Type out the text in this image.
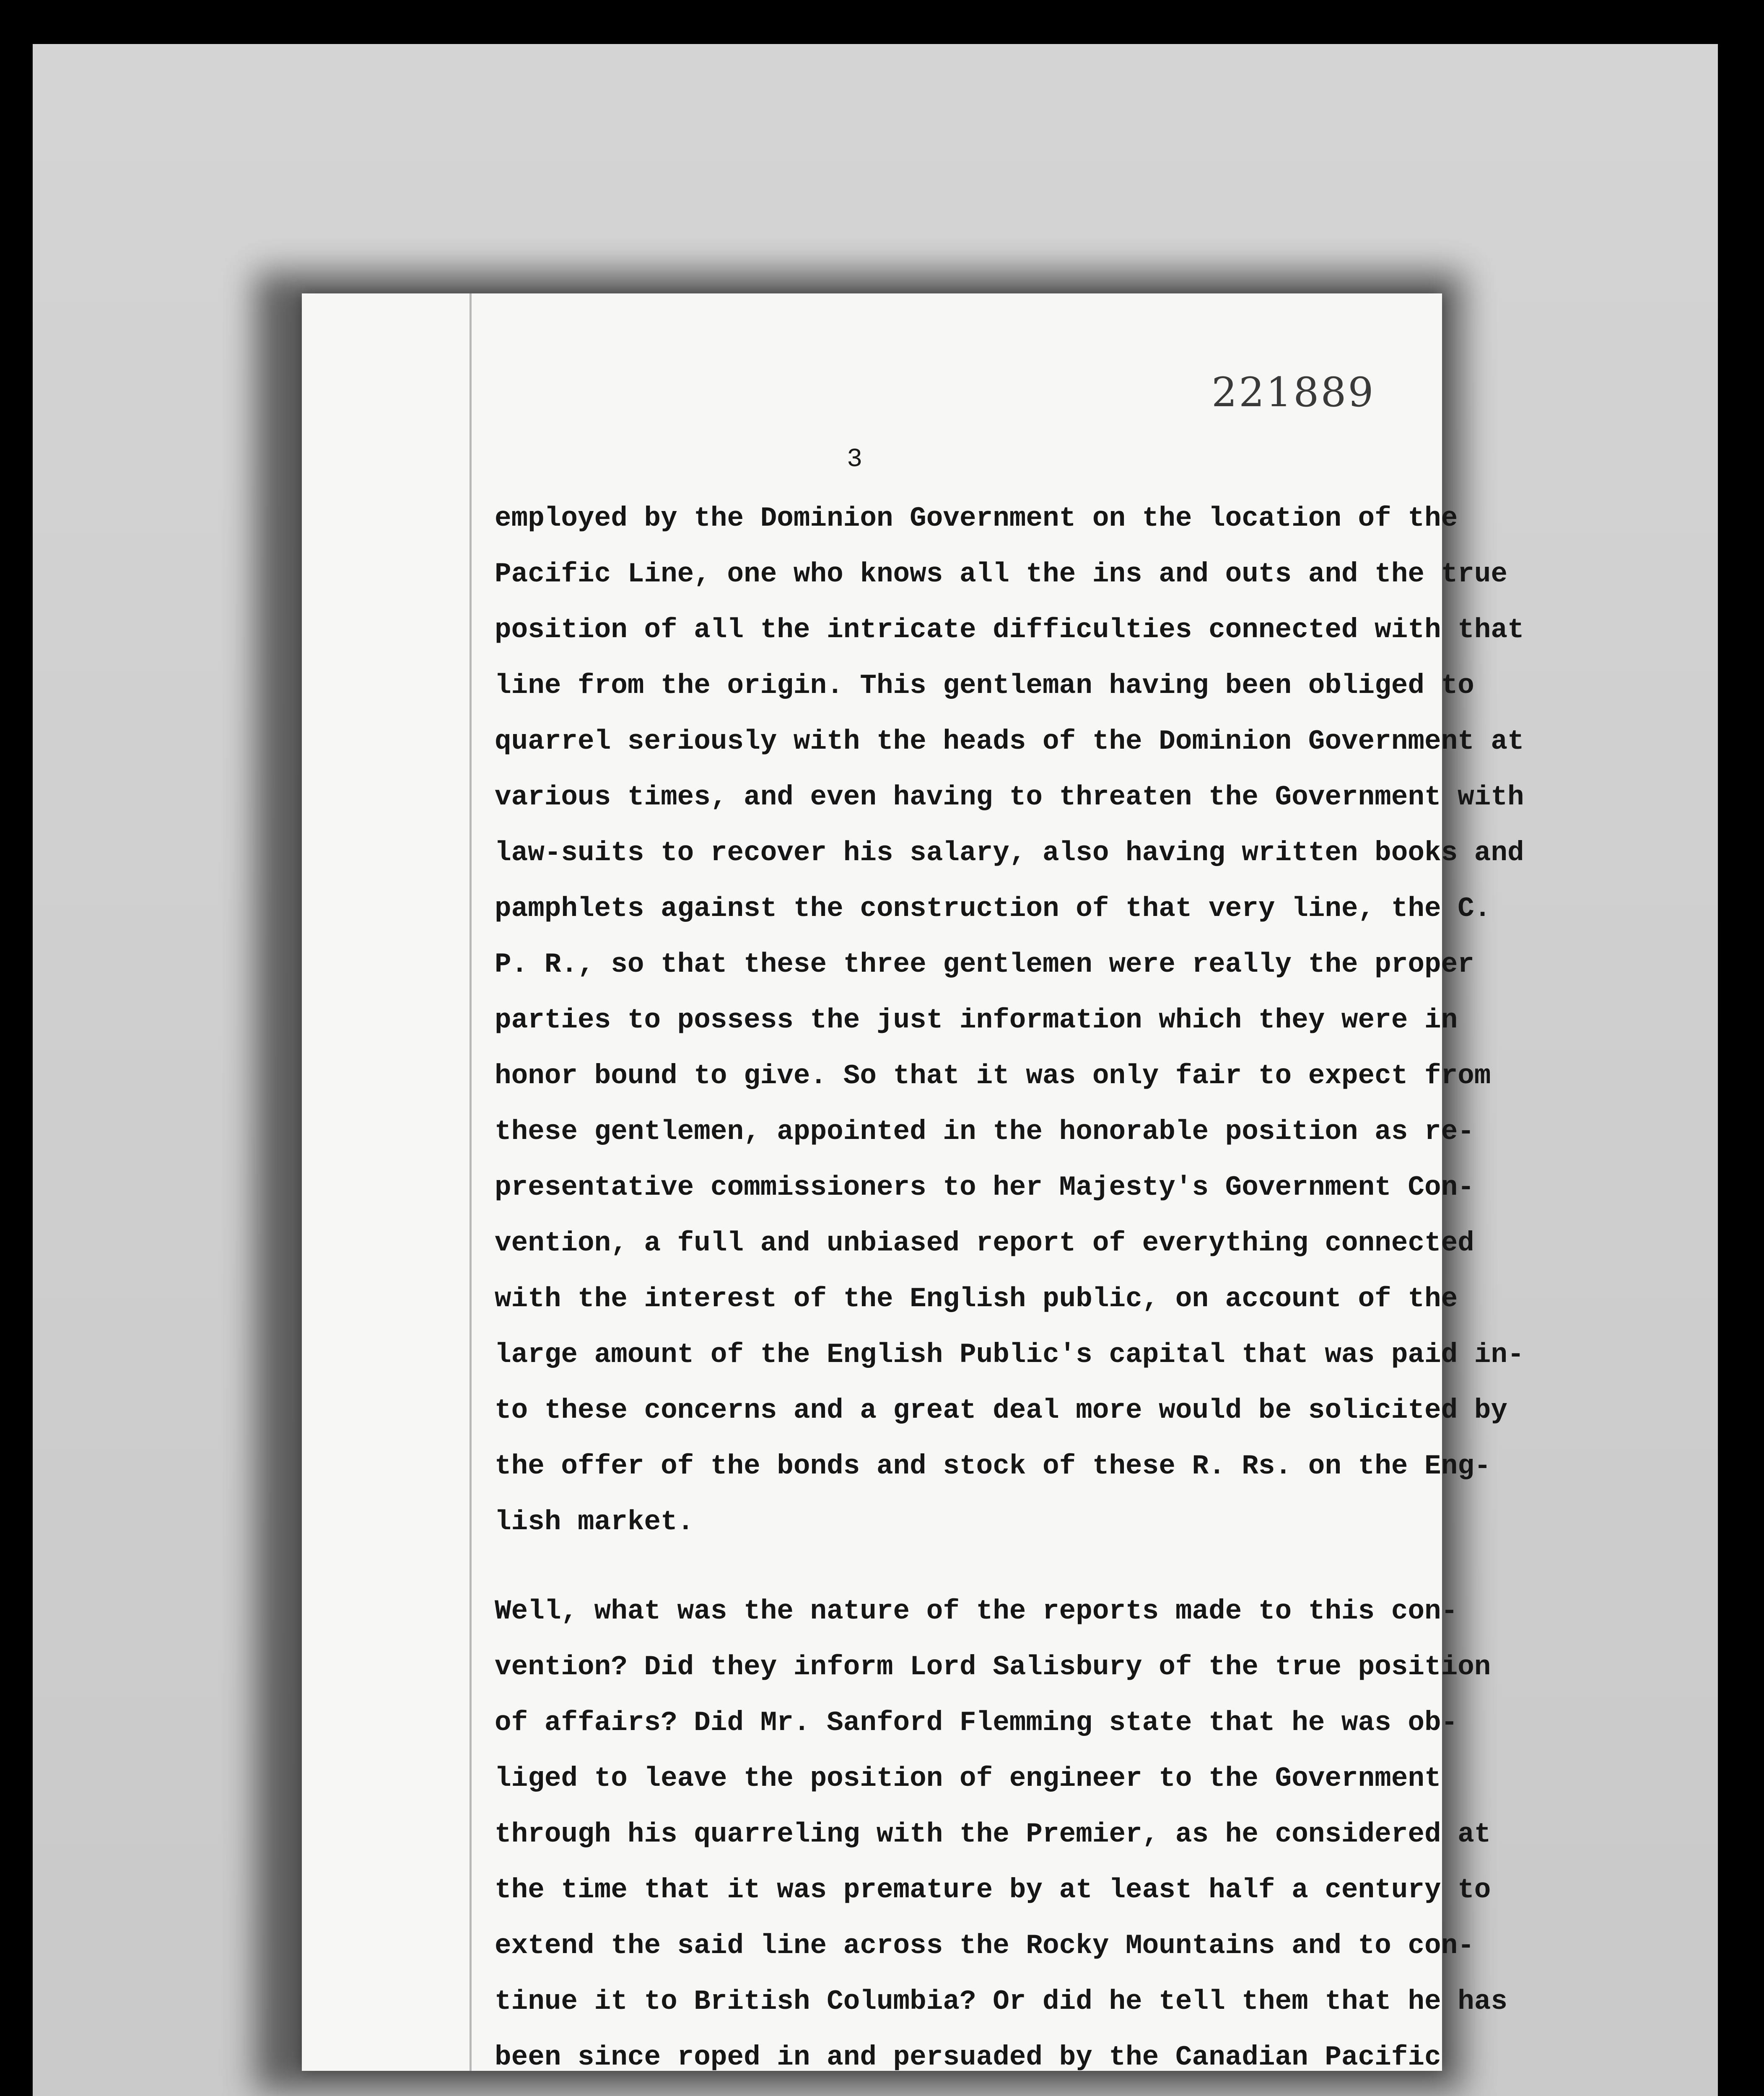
221889
3
employed by the Dominion Government on the location of the
Pacific Line, one who knows all the ins and outs and the true
position of all the intricate difficulties connected with that
line from the origin. This gentleman having been obliged to
quarrel seriously with the heads of the Dominion Government at
various times, and even having to threaten the Government with
law-suits to recover his salary, also having written books and
pamphlets against the construction of that very line, the C.
P. R., so that these three gentlemen were really the proper
parties to possess the just information which they were in
honor bound to give. So that it was only fair to expect from
these gentlemen, appointed in the honorable position as re-
presentative commissioners to her Majesty's Government Con-
vention, a full and unbiased report of everything connected
with the interest of the English public, on account of the
large amount of the English Public's capital that was paid in-
to these concerns and a great deal more would be solicited by
the offer of the bonds and stock of these R. Rs. on the Eng-
lish market.
Well, what was the nature of the reports made to this con-
vention? Did they inform Lord Salisbury of the true position
of affairs? Did Mr. Sanford Flemming state that he was ob-
liged to leave the position of engineer to the Government
through his quarreling with the Premier, as he considered at
the time that it was premature by at least half a century to
extend the said line across the Rocky Mountains and to con-
tinue it to British Columbia? Or did he tell them that he has
been since roped in and persuaded by the Canadian Pacific
